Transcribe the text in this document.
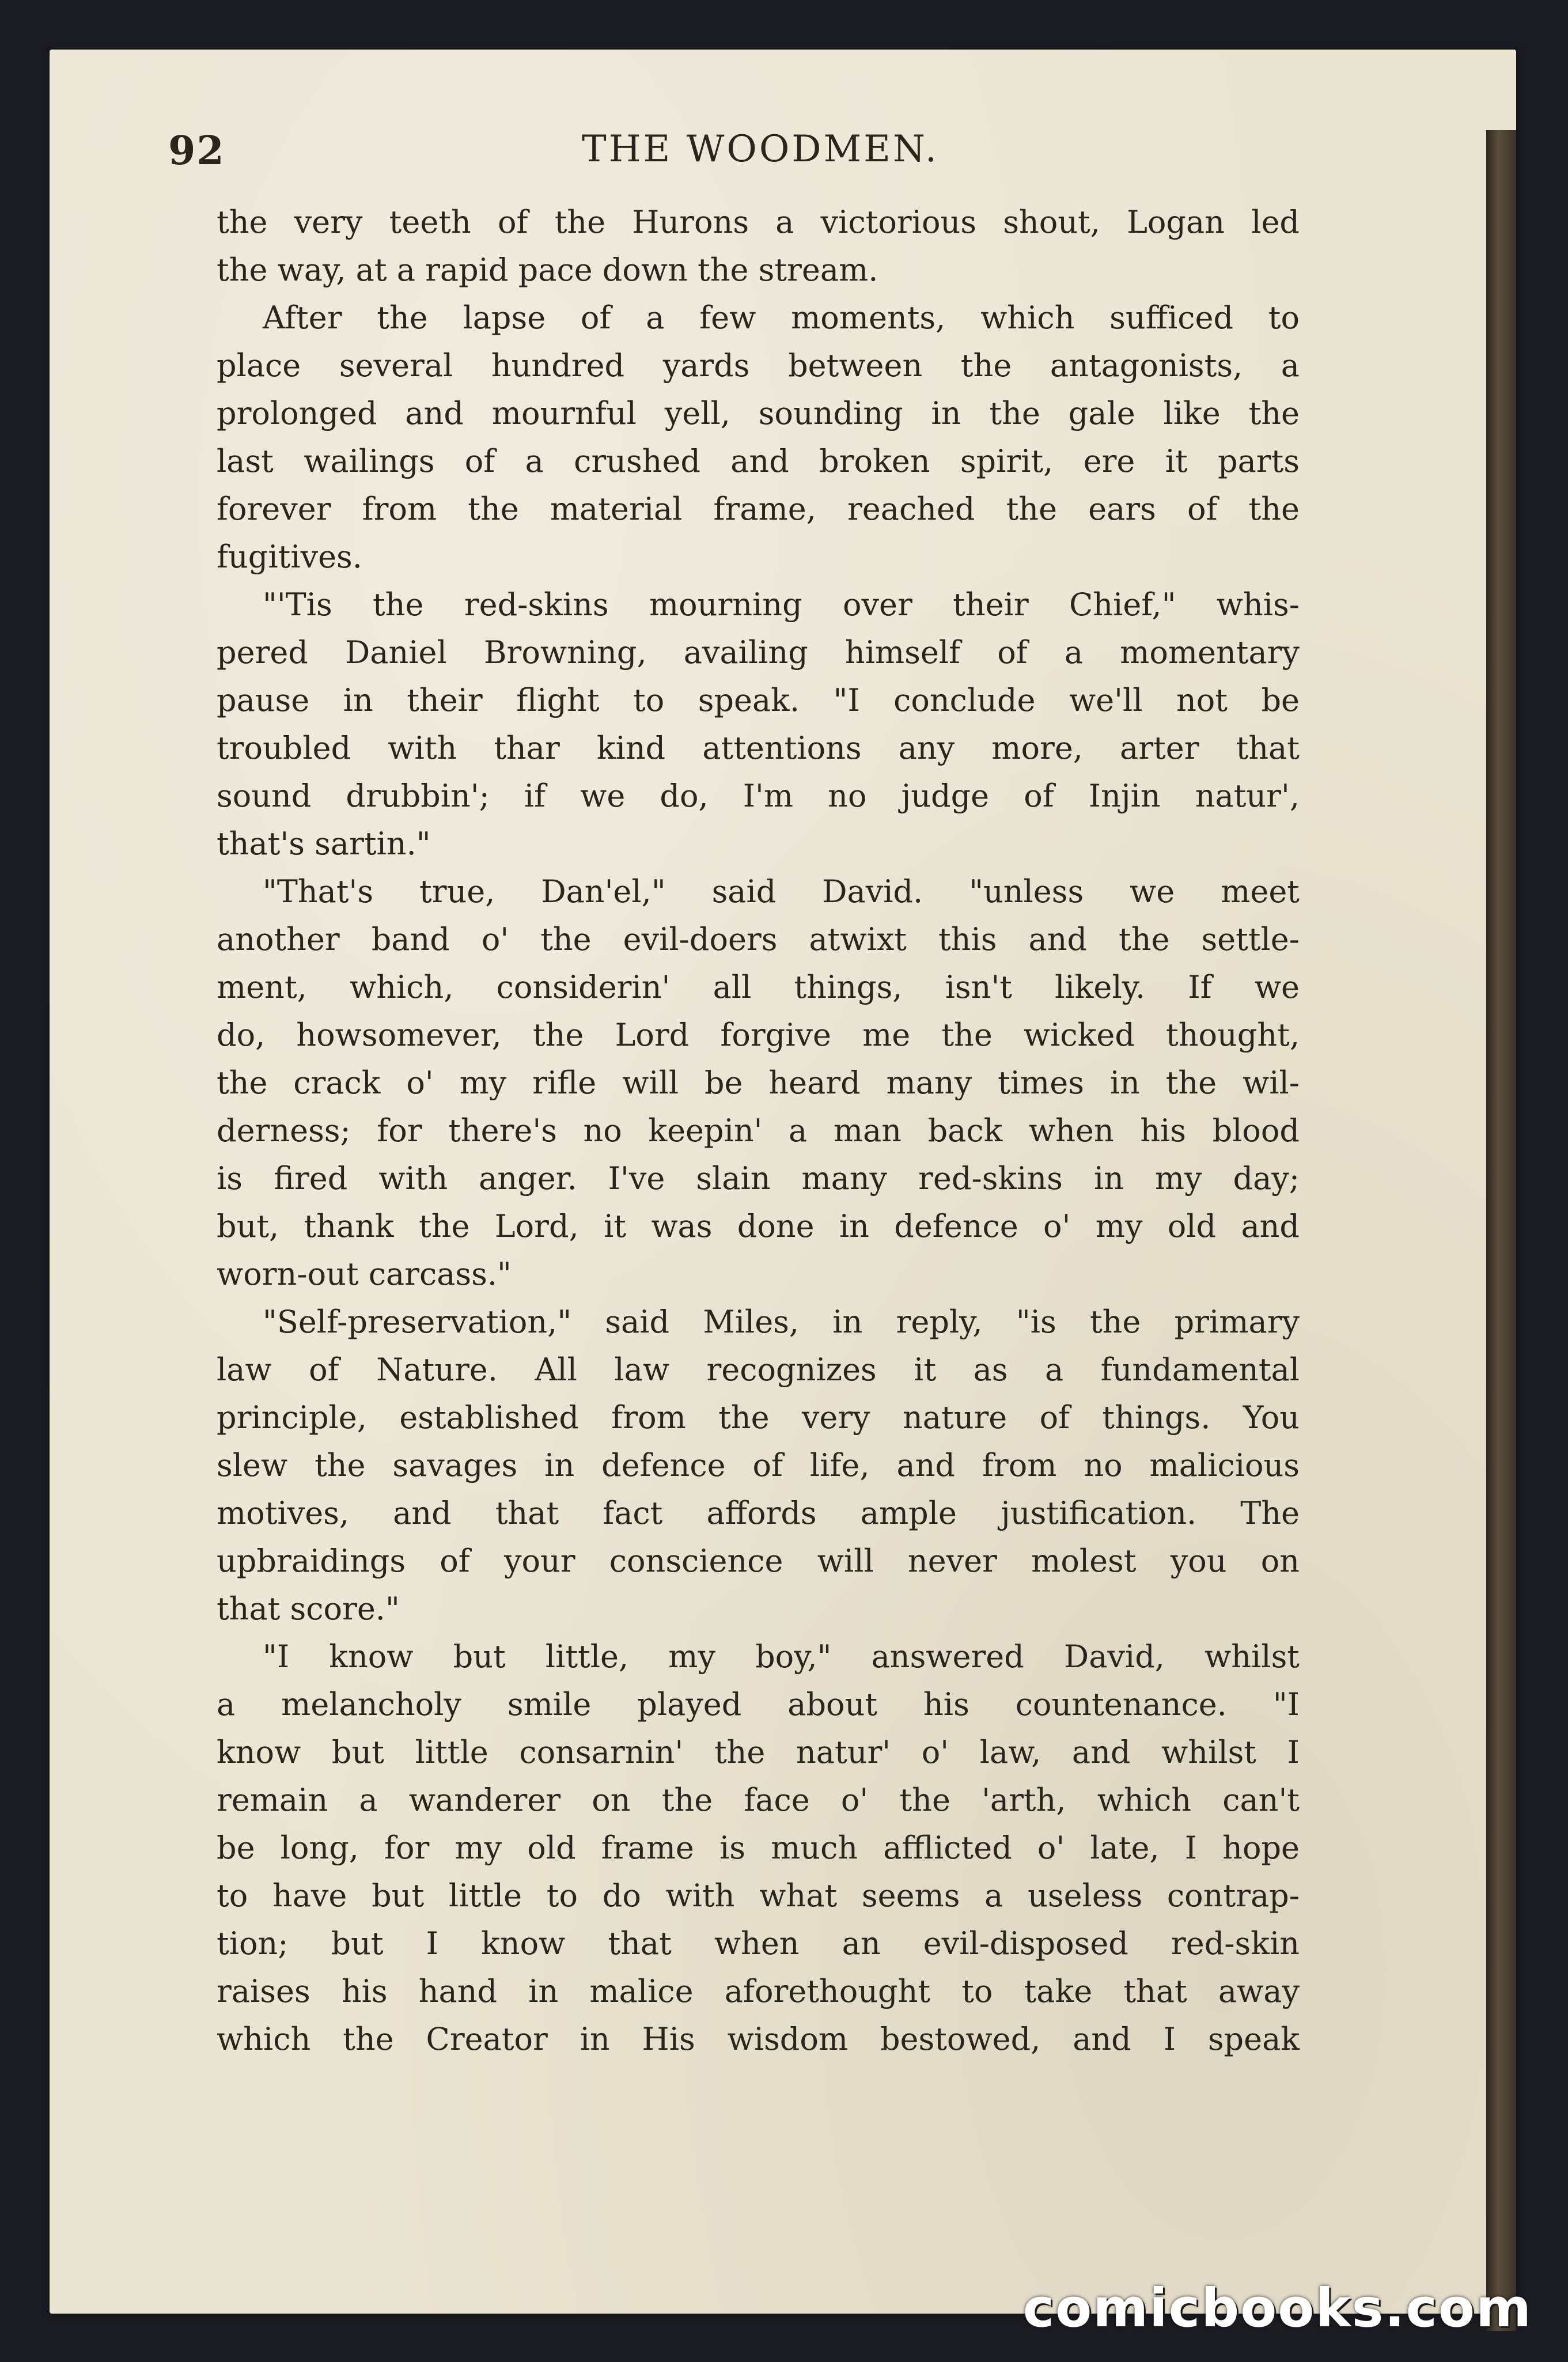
92	THE WOODMEN.
the very teeth of the Hurons a victorious shout, Logan led
the way, at a rapid pace down the stream.
After the lapse of a few moments, which sufficed to
place several hundred yards between the antagonists, a
prolonged and mournful yell, sounding in the gale like the
last wailings of a crushed and broken spirit, ere it parts
forever from the material frame, reached the ears of the
fugitives.
"'Tis the red-skins mourning over their Chief," whis-
pered Daniel Browning, availing himself of a momentary
pause in their flight to speak. "I conclude we'll not be
troubled with thar kind attentions any more, arter that
sound drubbin'; if we do, I'm no judge of Injin natur',
that's sartin."
"That's true, Dan'el," said David. "unless we meet
another band o' the evil-doers atwixt this and the settle-
ment, which, considerin' all things, isn't likely. If we
do, howsomever, the Lord forgive me the wicked thought,
the crack o' my rifle will be heard many times in the wil-
derness; for there's no keepin' a man back when his blood
is fired with anger. I've slain many red-skins in my day;
but, thank the Lord, it was done in defence o' my old and
worn-out carcass."
"Self-preservation," said Miles, in reply, "is the primary
law of Nature. All law recognizes it as a fundamental
principle, established from the very nature of things. You
slew the savages in defence of life, and from no malicious
motives, and that fact affords ample justification. The
upbraidings of your conscience will never molest you on
that score."
"I know but little, my boy," answered David, whilst
a melancholy smile played about his countenance. "I
know but little consarnin' the natur' o' law, and whilst I
remain a wanderer on the face o' the 'arth, which can't
be long, for my old frame is much afflicted o' late, I hope
to have but little to do with what seems a useless contrap-
tion; but I know that when an evil-disposed red-skin
raises his hand in malice aforethought to take that away
which the Creator in His wisdom bestowed, and I speak
comicbooks.com
